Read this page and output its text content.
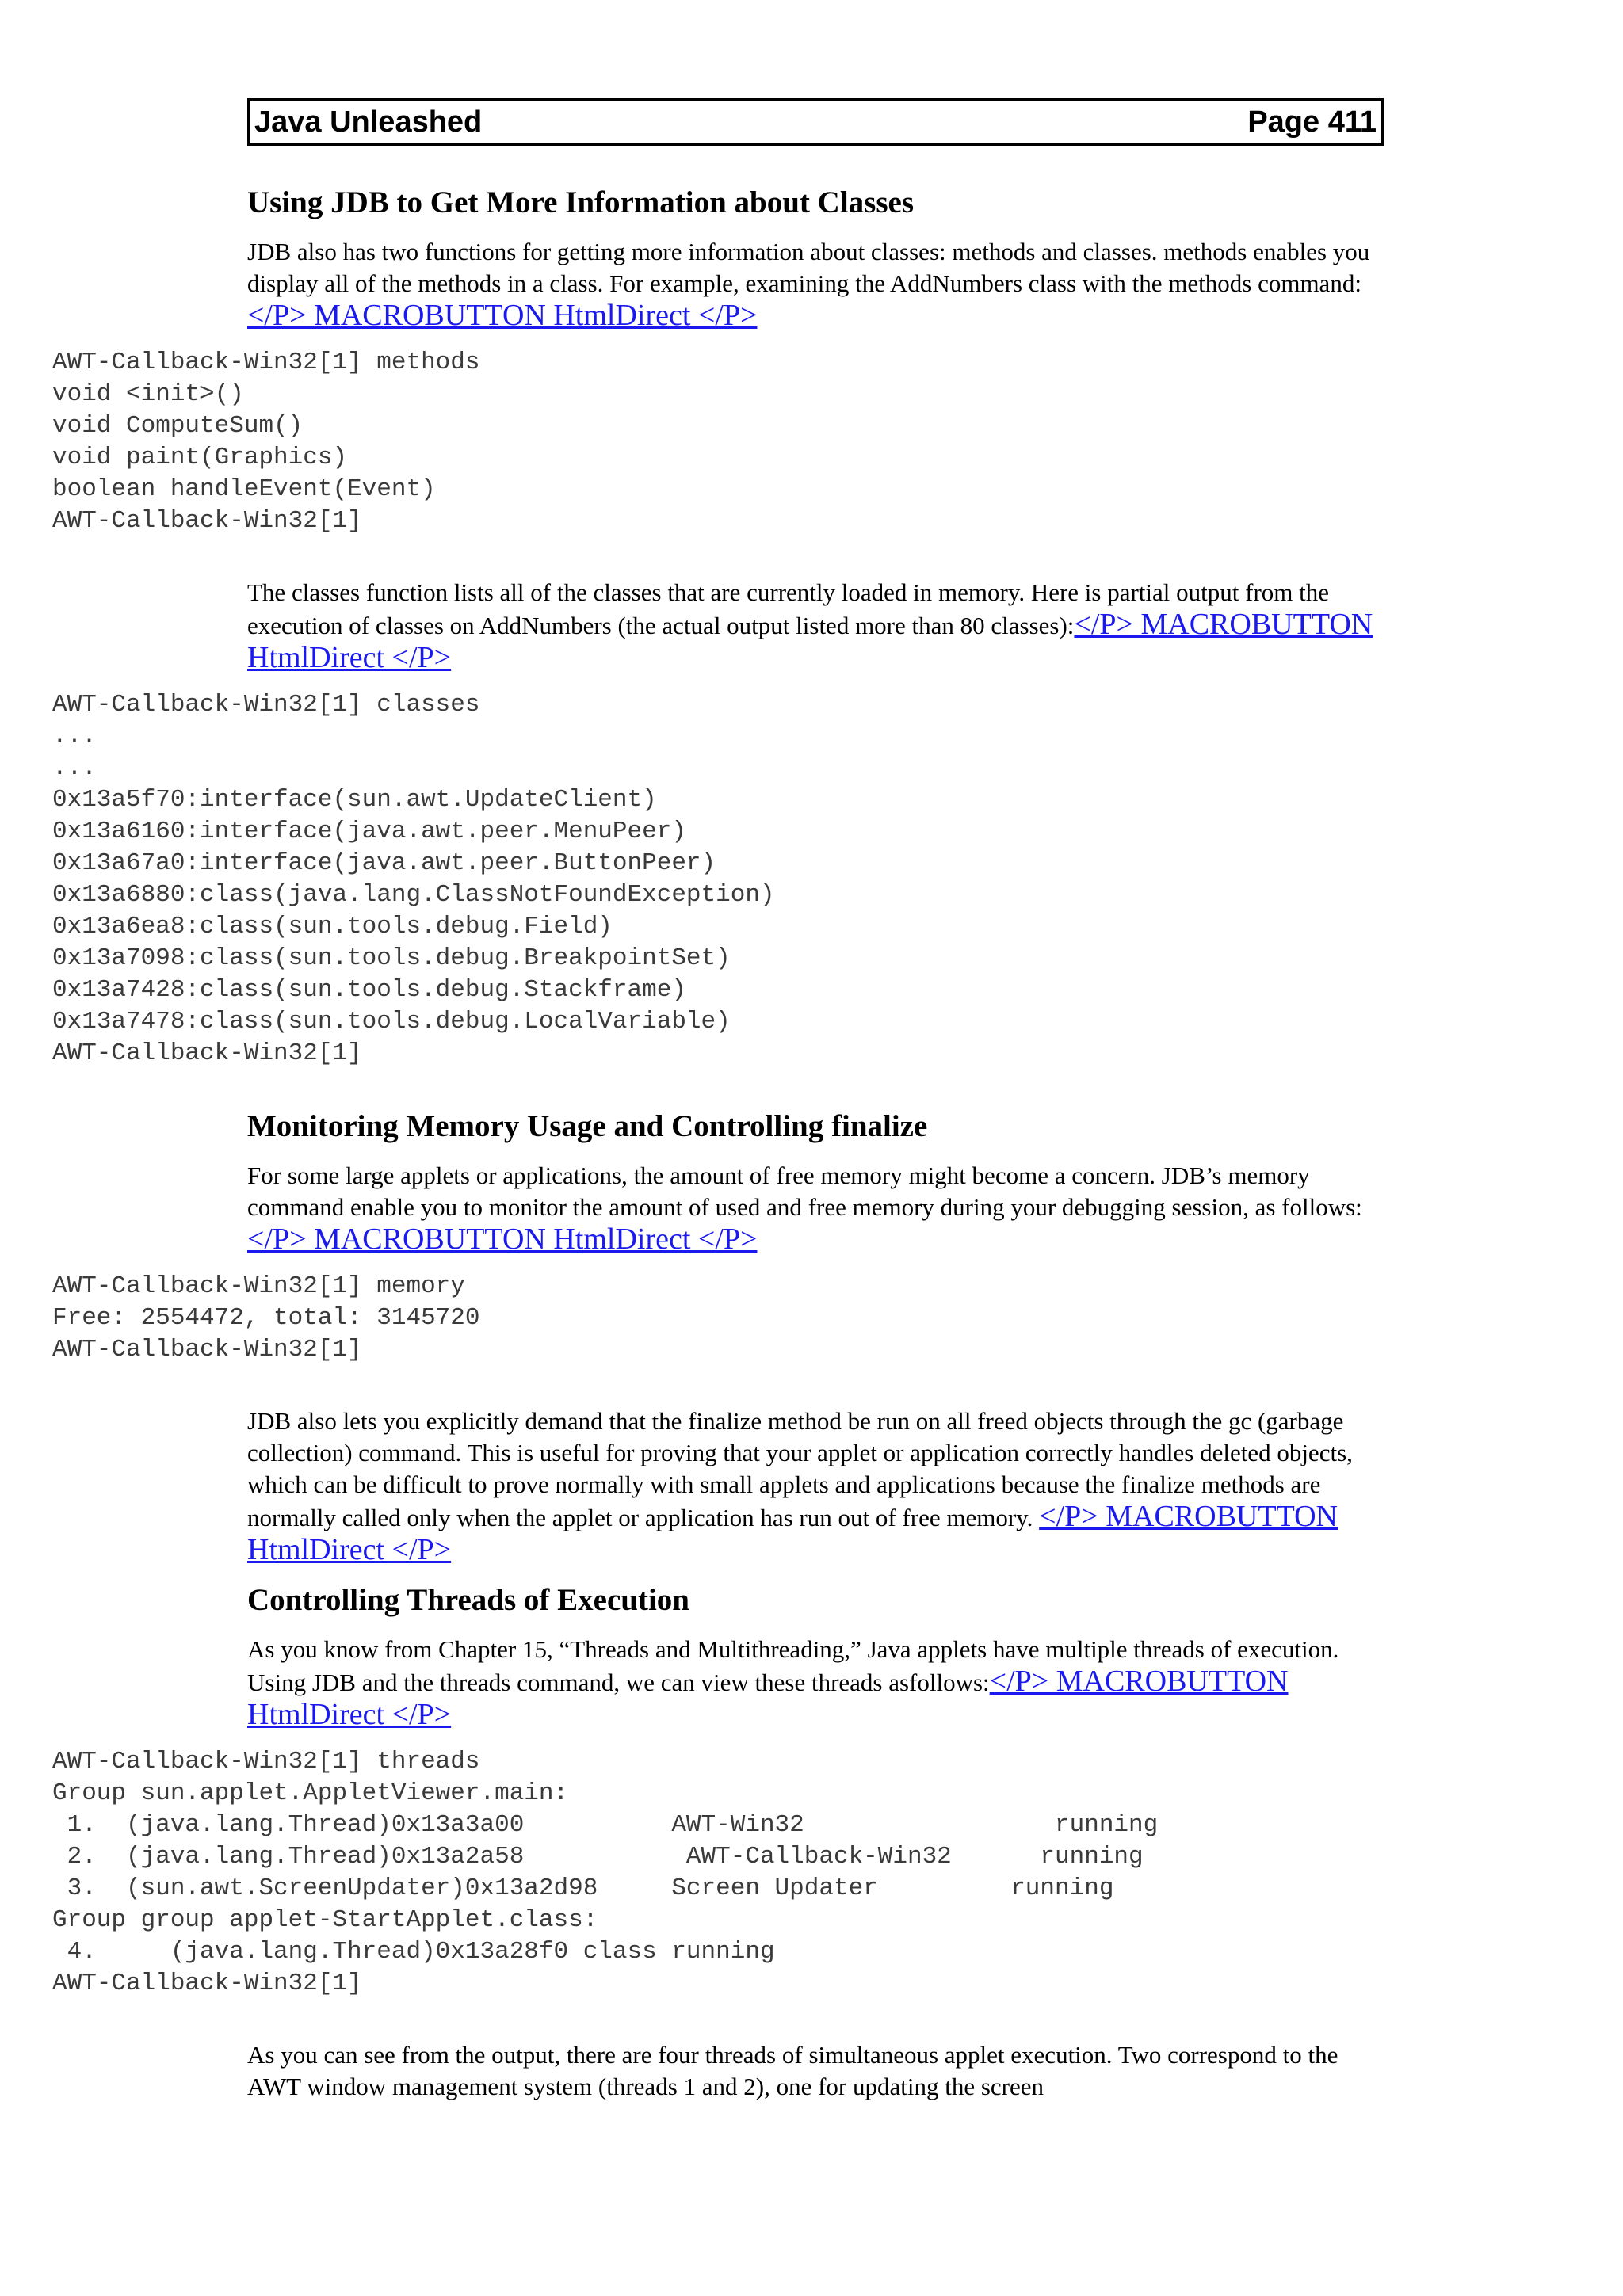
Java Unleashed	Page 411
Using JDB to Get More Information about Classes

JDB also has two functions for getting more information about classes: methods and classes. methods enables you display all of the methods in a class. For example, examining the AddNumbers class with the methods command:</P> MACROBUTTON HtmlDirect </P>

AWT-Callback-Win32[1] methods
void <init>()
void ComputeSum()
void paint(Graphics)
boolean handleEvent(Event)
AWT-Callback-Win32[1]

The classes function lists all of the classes that are currently loaded in memory. Here is partial output from the execution of classes on AddNumbers (the actual output listed more than 80 classes):</P> MACROBUTTON HtmlDirect </P>

AWT-Callback-Win32[1] classes
...
...
0x13a5f70:interface(sun.awt.UpdateClient)
0x13a6160:interface(java.awt.peer.MenuPeer)
0x13a67a0:interface(java.awt.peer.ButtonPeer)
0x13a6880:class(java.lang.ClassNotFoundException)
0x13a6ea8:class(sun.tools.debug.Field)
0x13a7098:class(sun.tools.debug.BreakpointSet)
0x13a7428:class(sun.tools.debug.Stackframe)
0x13a7478:class(sun.tools.debug.LocalVariable)
AWT-Callback-Win32[1]
Monitoring Memory Usage and Controlling finalize

For some large applets or applications, the amount of free memory might become a concern. JDB’s memory command enable you to monitor the amount of used and free memory during your debugging session, as follows:</P> MACROBUTTON HtmlDirect </P>

AWT-Callback-Win32[1] memory
Free: 2554472, total: 3145720
AWT-Callback-Win32[1]

JDB also lets you explicitly demand that the finalize method be run on all freed objects through the gc (garbage collection) command. This is useful for proving that your applet or application correctly handles deleted objects, which can be difficult to prove normally with small applets and applications because the finalize methods are normally called only when the applet or application has run out of free memory. </P> MACROBUTTON HtmlDirect </P>

Controlling Threads of Execution

As you know from Chapter 15, “Threads and Multithreading,” Java applets have multiple threads of execution. Using JDB and the threads command, we can view these threads asfollows:</P> MACROBUTTON HtmlDirect </P>

AWT-Callback-Win32[1] threads
Group sun.applet.AppletViewer.main:
1.  (java.lang.Thread)0x13a3a00          AWT-Win32                 running
2.  (java.lang.Thread)0x13a2a58           AWT-Callback-Win32      running
3.  (sun.awt.ScreenUpdater)0x13a2d98     Screen Updater         running
Group group applet-StartApplet.class:
4.     (java.lang.Thread)0x13a28f0 class running
AWT-Callback-Win32[1]

As you can see from the output, there are four threads of simultaneous applet execution. Two correspond to the AWT window management system (threads 1 and 2), one for updating the screen
